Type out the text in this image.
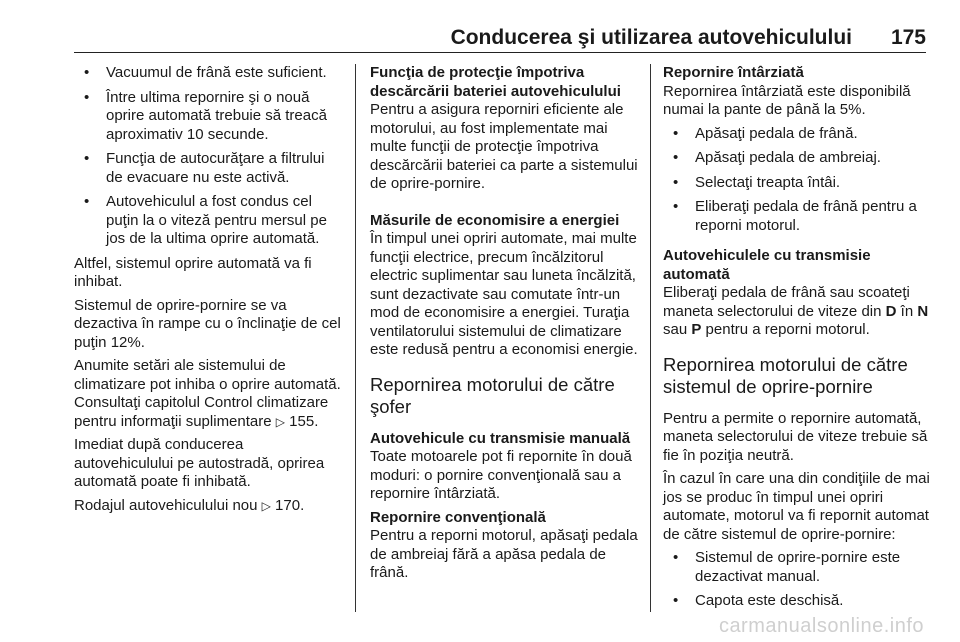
Conducerea şi utilizarea autovehiculului 175
• Vacuumul de frână este suficient.
• Între ultima repornire şi o nouă oprire automată trebuie să treacă aproximativ 10 secunde.
• Funcţia de autocurăţare a filtrului de evacuare nu este activă.
• Autovehiculul a fost condus cel puţin la o viteză pentru mersul pe jos de la ultima oprire automată.

Altfel, sistemul oprire automată va fi inhibat.

Sistemul de oprire-pornire se va dezactiva în rampe cu o înclinaţie de cel puţin 12%.

Anumite setări ale sistemului de climatizare pot inhiba o oprire automată. Consultaţi capitolul Control climatizare pentru informaţii suplimentare ▷ 155.

Imediat după conducerea autovehiculului pe autostradă, oprirea automată poate fi inhibată.

Rodajul autovehiculului nou ▷ 170.

Funcţia de protecţie împotriva descărcării bateriei autovehiculului

Pentru a asigura reporniri eficiente ale motorului, au fost implementate mai multe funcţii de protecţie împotriva descărcării bateriei ca parte a sistemului de oprire-pornire.

Măsurile de economisire a energiei

În timpul unei opriri automate, mai multe funcţii electrice, precum încălzitorul electric suplimentar sau luneta încălzită, sunt dezactivate sau comutate într-un mod de economisire a energiei. Turaţia ventilatorului sistemului de climatizare este redusă pentru a economisi energie.

Repornirea motorului de către şofer

Autovehicule cu transmisie manuală

Toate motoarele pot fi repornite în două moduri: o pornire convenţională sau a repornire întârziată.

Repornire convenţională

Pentru a reporni motorul, apăsaţi pedala de ambreiaj fără a apăsa pedala de frână.

Repornire întârziată

Repornirea întârziată este disponibilă numai la pante de până la 5%.

• Apăsaţi pedala de frână.
• Apăsaţi pedala de ambreiaj.
• Selectaţi treapta întâi.
• Eliberaţi pedala de frână pentru a reporni motorul.

Autovehiculele cu transmisie automată

Eliberaţi pedala de frână sau scoateţi maneta selectorului de viteze din D în N sau P pentru a reporni motorul.

Repornirea motorului de către sistemul de oprire-pornire

Pentru a permite o repornire automată, maneta selectorului de viteze trebuie să fie în poziţia neutră.

În cazul în care una din condiţiile de mai jos se produc în timpul unei opriri automate, motorul va fi repornit automat de către sistemul de oprire-pornire:

• Sistemul de oprire-pornire este dezactivat manual.
• Capota este deschisă.
carmanualsonline.info
